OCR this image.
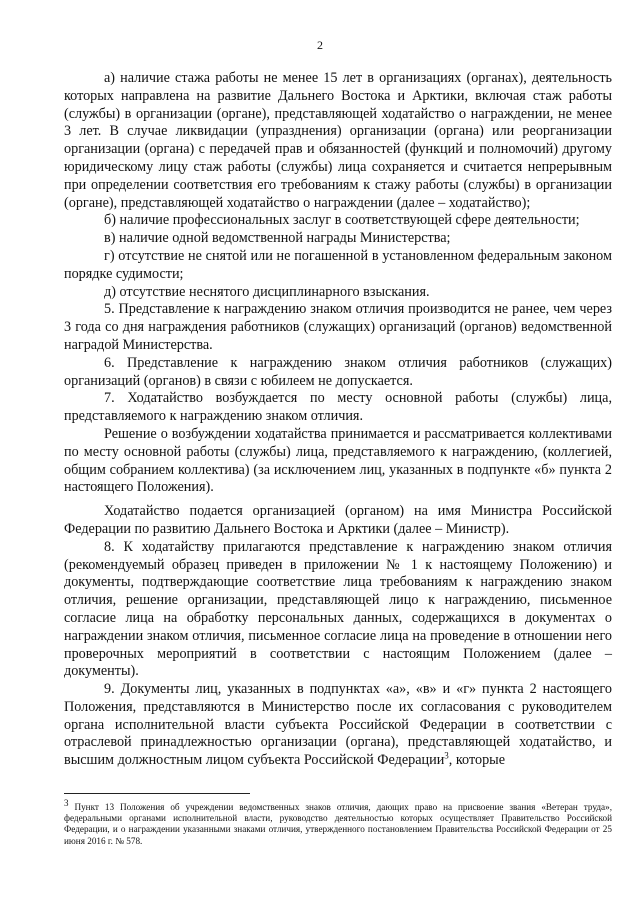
2

а) наличие стажа работы не менее 15 лет в организациях (органах), деятельность которых направлена на развитие Дальнего Востока и Арктики, включая стаж работы (службы) в организации (органе), представляющей ходатайство о награждении, не менее 3 лет. В случае ликвидации (упразднения) организации (органа) или реорганизации организации (органа) с передачей прав и обязанностей (функций и полномочий) другому юридическому лицу стаж работы (службы) лица сохраняется и считается непрерывным при определении соответствия его требованиям к стажу работы (службы) в организации (органе), представляющей ходатайство о награждении (далее – ходатайство);

б) наличие профессиональных заслуг в соответствующей сфере деятельности;

в) наличие одной ведомственной награды Министерства;

г) отсутствие не снятой или не погашенной в установленном федеральным законом порядке судимости;

д) отсутствие неснятого дисциплинарного взыскания.

5. Представление к награждению знаком отличия производится не ранее, чем через 3 года со дня награждения работников (служащих) организаций (органов) ведомственной наградой Министерства.

6. Представление к награждению знаком отличия работников (служащих) организаций (органов) в связи с юбилеем не допускается.

7. Ходатайство возбуждается по месту основной работы (службы) лица, представляемого к награждению знаком отличия.

Решение о возбуждении ходатайства принимается и рассматривается коллективами по месту основной работы (службы) лица, представляемого к награждению, (коллегией, общим собранием коллектива) (за исключением лиц, указанных в подпункте «б» пункта 2 настоящего Положения).

Ходатайство подается организацией (органом) на имя Министра Российской Федерации по развитию Дальнего Востока и Арктики (далее – Министр).

8. К ходатайству прилагаются представление к награждению знаком отличия (рекомендуемый образец приведен в приложении № 1 к настоящему Положению) и документы, подтверждающие соответствие лица требованиям к награждению знаком отличия, решение организации, представляющей лицо к награждению, письменное согласие лица на обработку персональных данных, содержащихся в документах о награждении знаком отличия, письменное согласие лица на проведение в отношении него проверочных мероприятий в соответствии с настоящим Положением (далее – документы).

9. Документы лиц, указанных в подпунктах «а», «в» и «г» пункта 2 настоящего Положения, представляются в Министерство после их согласования с руководителем органа исполнительной власти субъекта Российской Федерации в соответствии с отраслевой принадлежностью организации (органа), представляющей ходатайство, и высшим должностным лицом субъекта Российской Федерации$^3$, которые

$^3$ Пункт 13 Положения об учреждении ведомственных знаков отличия, дающих право на присвоение звания «Ветеран труда», федеральными органами исполнительной власти, руководство деятельностью которых осуществляет Правительство Российской Федерации, и о награждении указанными знаками отличия, утвержденного постановлением Правительства Российской Федерации от 25 июня 2016 г. № 578.
